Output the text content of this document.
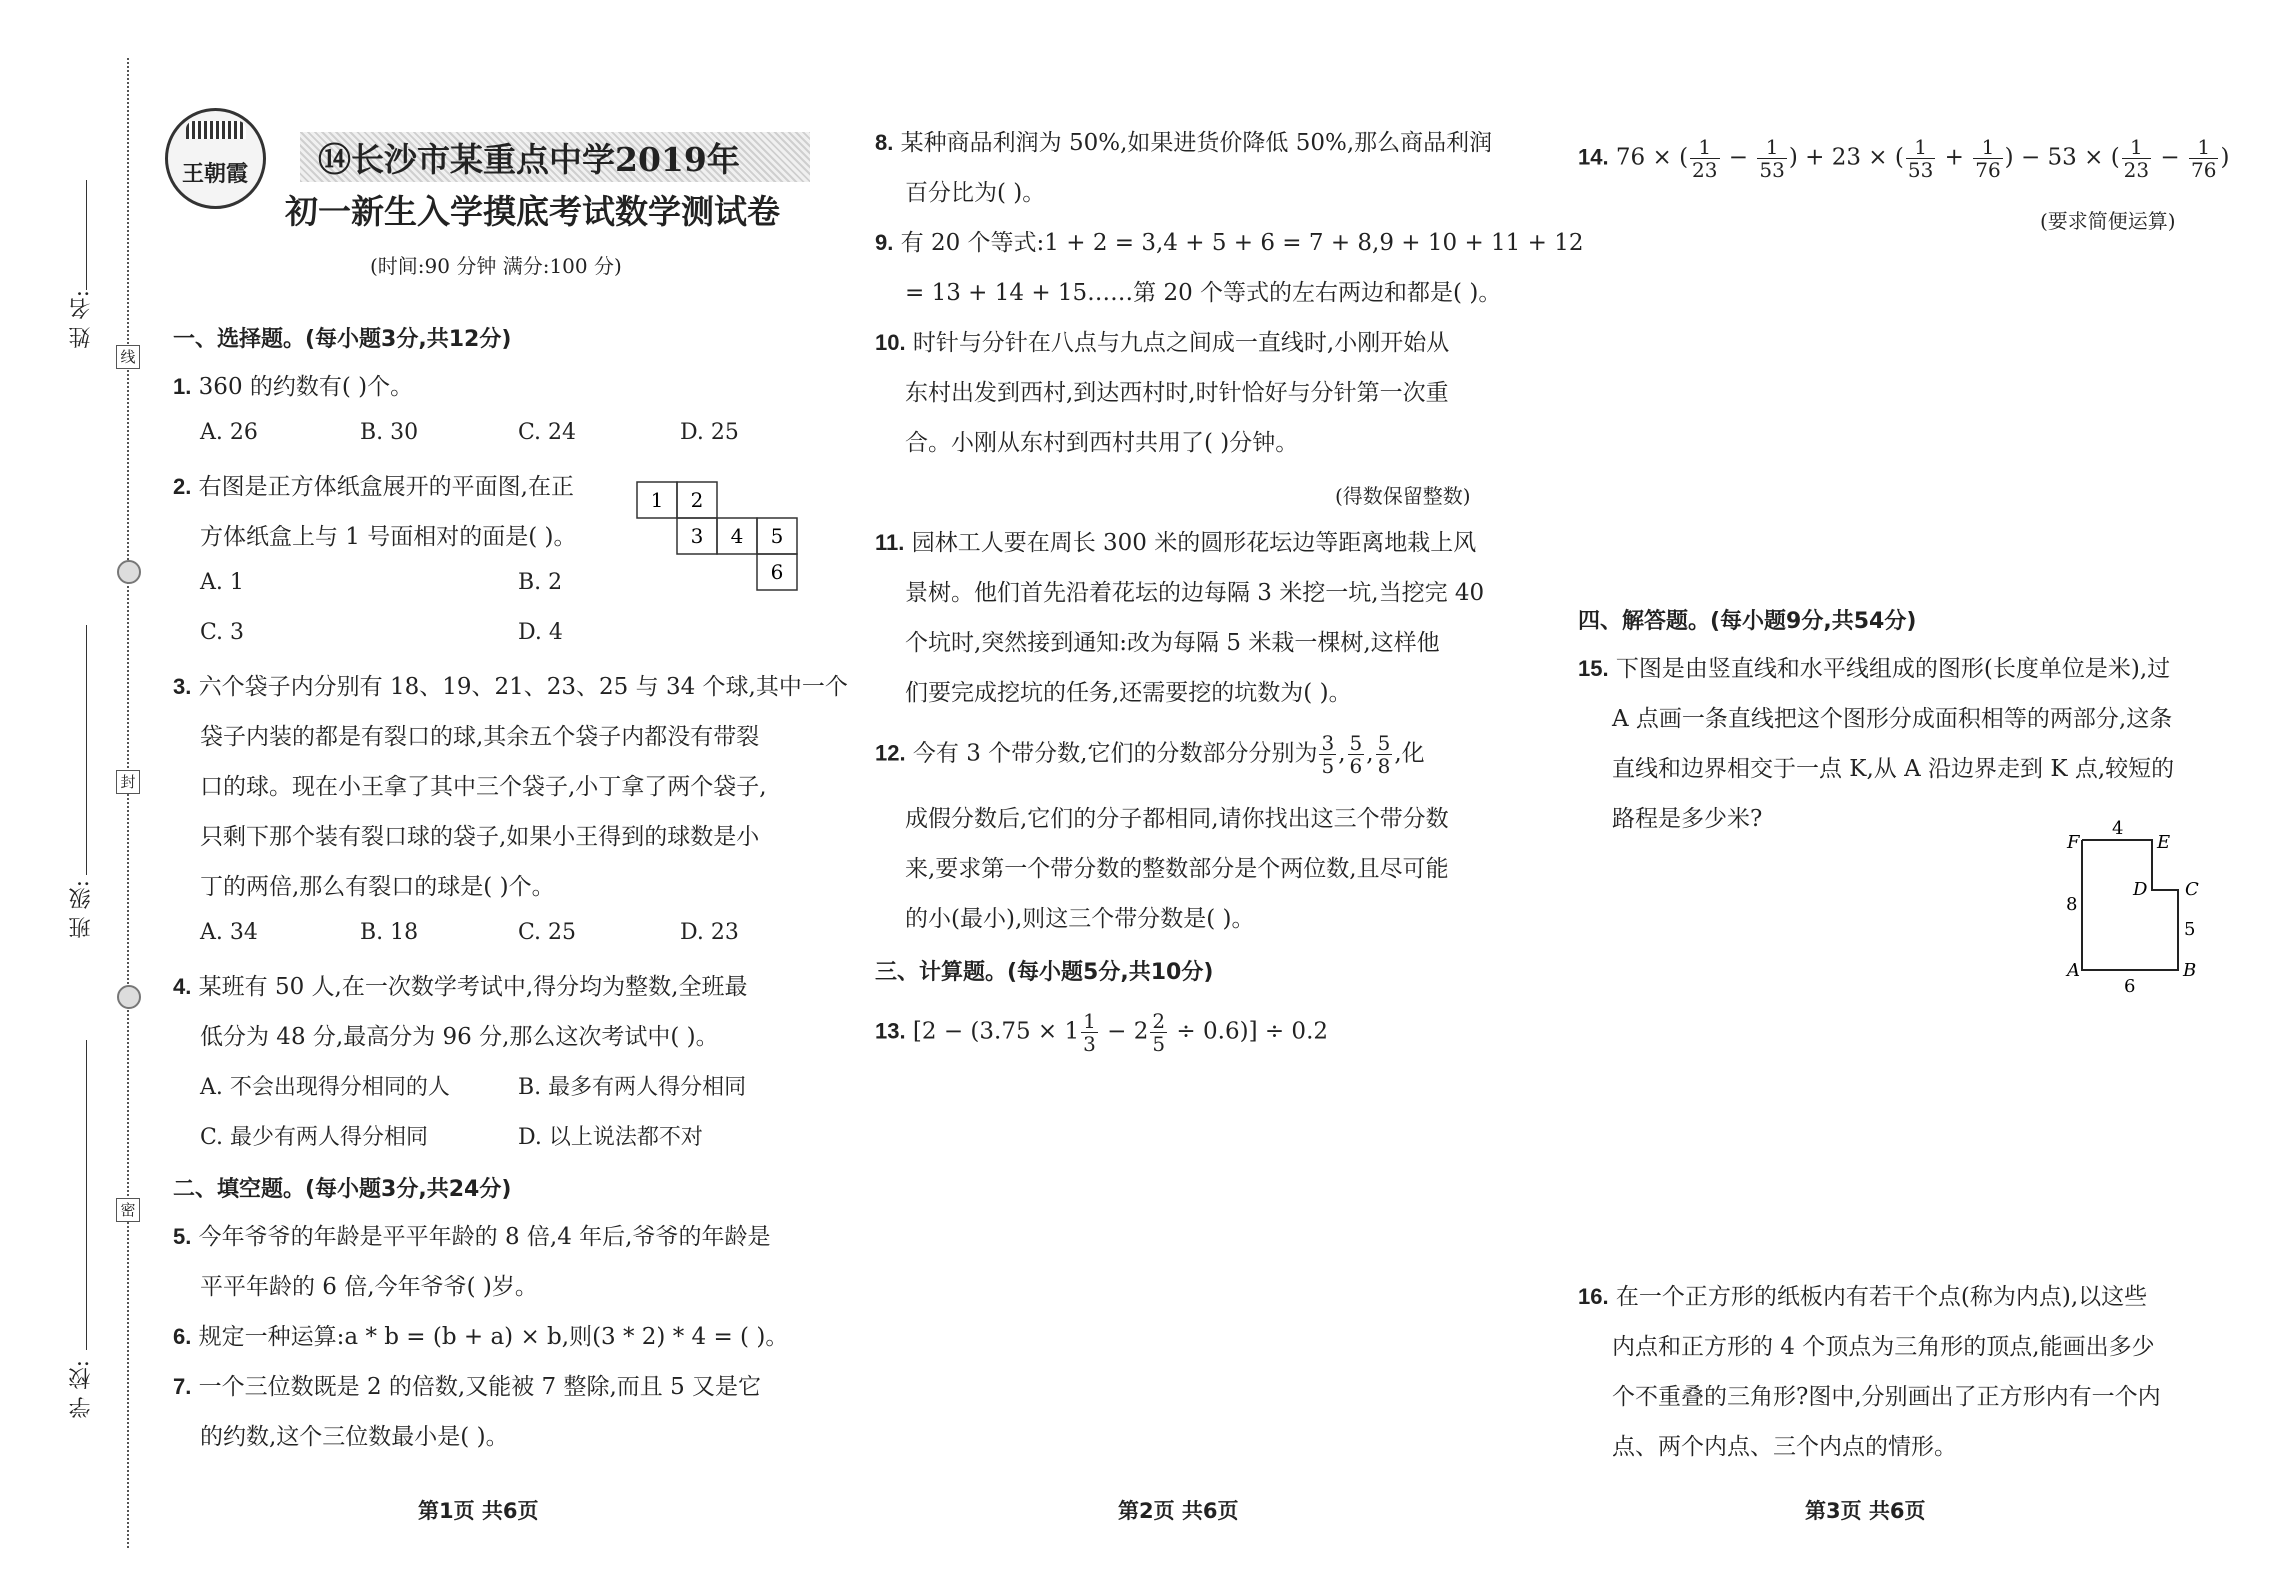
姓 名:
班 级:
学 校:
线
封
密
王朝霞	⑭长沙市某重点中学2019年
初一新生入学摸底考试数学测试卷
(时间:90 分钟 满分:100 分)
一、选择题。(每小题3分,共12分)
1. 360 的约数有( )个。
A. 26	B. 30	C. 24	D. 25
2. 右图是正方体纸盒展开的平面图,在正
方体纸盒上与 1 号面相对的面是( )。
1 2
3 4 5
6
A. 1	B. 2
C. 3	D. 4
3. 六个袋子内分别有 18、19、21、23、25 与 34 个球,其中一个
袋子内装的都是有裂口的球,其余五个袋子内都没有带裂
口的球。现在小王拿了其中三个袋子,小丁拿了两个袋子,
只剩下那个装有裂口球的袋子,如果小王得到的球数是小
丁的两倍,那么有裂口的球是( )个。
A. 34	B. 18	C. 25	D. 23
4. 某班有 50 人,在一次数学考试中,得分均为整数,全班最
低分为 48 分,最高分为 96 分,那么这次考试中( )。
A. 不会出现得分相同的人	B. 最多有两人得分相同
C. 最少有两人得分相同	D. 以上说法都不对
二、填空题。(每小题3分,共24分)
5. 今年爷爷的年龄是平平年龄的 8 倍,4 年后,爷爷的年龄是
平平年龄的 6 倍,今年爷爷( )岁。
6. 规定一种运算:a * b = (b + a) × b,则(3 * 2) * 4 = ( )。
7. 一个三位数既是 2 的倍数,又能被 7 整除,而且 5 又是它
的约数,这个三位数最小是( )。
第1页 共6页
8. 某种商品利润为 50%,如果进货价降低 50%,那么商品利润
百分比为( )。
9. 有 20 个等式:1 + 2 = 3,4 + 5 + 6 = 7 + 8,9 + 10 + 11 + 12
= 13 + 14 + 15……第 20 个等式的左右两边和都是( )。
10. 时针与分针在八点与九点之间成一直线时,小刚开始从
东村出发到西村,到达西村时,时针恰好与分针第一次重
合。小刚从东村到西村共用了( )分钟。
(得数保留整数)
11. 园林工人要在周长 300 米的圆形花坛边等距离地栽上风
景树。他们首先沿着花坛的边每隔 3 米挖一坑,当挖完 40
个坑时,突然接到通知:改为每隔 5 米栽一棵树,这样他
们要完成挖坑的任务,还需要挖的坑数为( )。
12. 今有 3 个带分数,它们的分数部分分别为 $\frac{3}{5}$ , $\frac{5}{6}$ , $\frac{5}{8}$ ,化
成假分数后,它们的分子都相同,请你找出这三个带分数
来,要求第一个带分数的整数部分是个两位数,且尽可能
的小(最小),则这三个带分数是( )。
三、计算题。(每小题5分,共10分)
13. $[2 - (3.75 \times 1 \frac{1}{3} - 2 \frac{2}{5} \div 0.6)] \div 0.2$
第2页 共6页
14. 76 × ( $\frac{1}{23} - \frac{1}{53}$ ) + 23 × ( $\frac{1}{53} + \frac{1}{76}$ ) − 53 × ( $\frac{1}{23} - \frac{1}{76}$ )
(要求简便运算)
四、解答题。(每小题9分,共54分)
15. 下图是由竖直线和水平线组成的图形(长度单位是米),过
A 点画一条直线把这个图形分成面积相等的两部分,这条
直线和边界相交于一点 K,从 A 沿边界走到 K 点,较短的
路程是多少米?
F	E
D C
A	B
4
8
5
6
16. 在一个正方形的纸板内有若干个点(称为内点),以这些
内点和正方形的 4 个顶点为三角形的顶点,能画出多少
个不重叠的三角形?图中,分别画出了正方形内有一个内
点、两个内点、三个内点的情形。
第3页 共6页
